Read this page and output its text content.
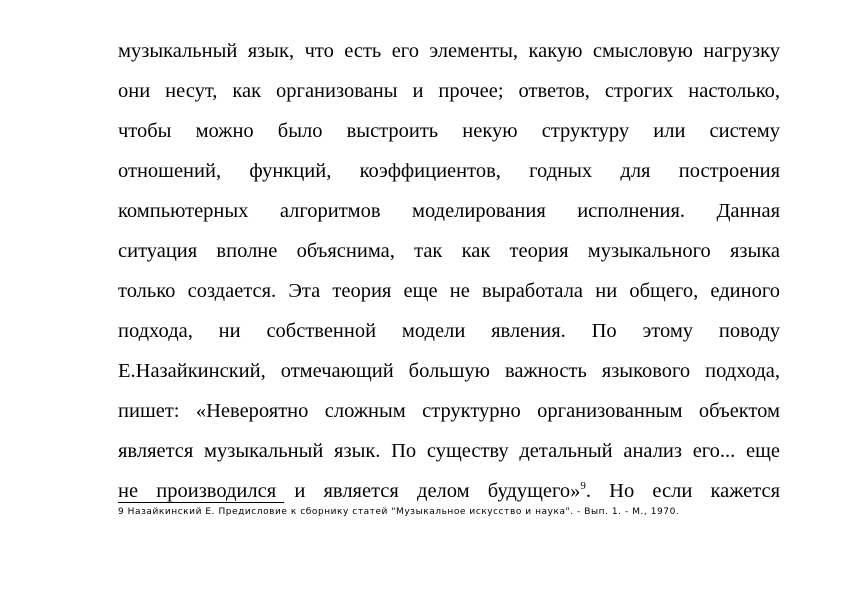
музыкальный язык, что есть его элементы, какую смысловую нагрузку
они несут, как организованы и прочее; ответов, строгих настолько,
чтобы можно было выстроить некую структуру или систему
отношений, функций, коэффициентов, годных для построения
компьютерных алгоритмов моделирования исполнения. Данная
ситуация вполне объяснима, так как теория музыкального языка
только создается. Эта теория еще не выработала ни общего, единого
подхода, ни собственной модели явления. По этому поводу
Е.Назайкинский, отмечающий большую важность языкового подхода,
пишет: «Невероятно сложным структурно организованным объектом
является музыкальный язык. По существу детальный анализ его... еще
не производился и является делом будущего»$^9$. Но если кажется
9 Назайкинский Е. Предисловие к сборнику статей "Музыкальное искусство и наука". - Вып. 1. - М., 1970.
